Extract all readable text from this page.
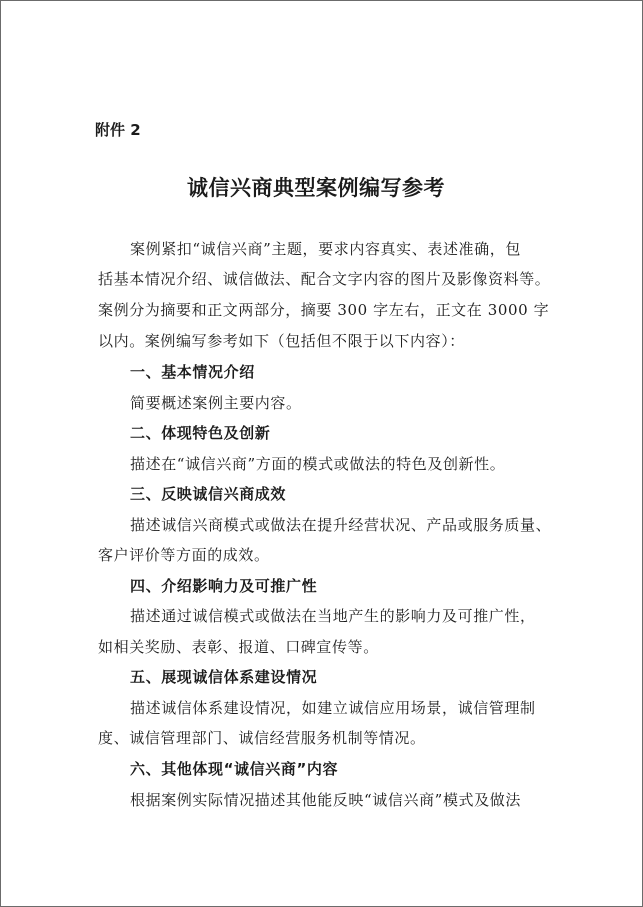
附件 2
诚信兴商典型案例编写参考
案例紧扣“诚信兴商”主题，要求内容真实、表述准确，包
括基本情况介绍、诚信做法、配合文字内容的图片及影像资料等。
案例分为摘要和正文两部分，摘要 300 字左右，正文在 3000 字
以内。案例编写参考如下（包括但不限于以下内容）：
一、基本情况介绍
简要概述案例主要内容。
二、体现特色及创新
描述在“诚信兴商”方面的模式或做法的特色及创新性。
三、反映诚信兴商成效
描述诚信兴商模式或做法在提升经营状况、产品或服务质量、
客户评价等方面的成效。
四、介绍影响力及可推广性
描述通过诚信模式或做法在当地产生的影响力及可推广性，
如相关奖励、表彰、报道、口碑宣传等。
五、展现诚信体系建设情况
描述诚信体系建设情况，如建立诚信应用场景，诚信管理制
度、诚信管理部门、诚信经营服务机制等情况。
六、其他体现“诚信兴商”内容
根据案例实际情况描述其他能反映“诚信兴商”模式及做法
